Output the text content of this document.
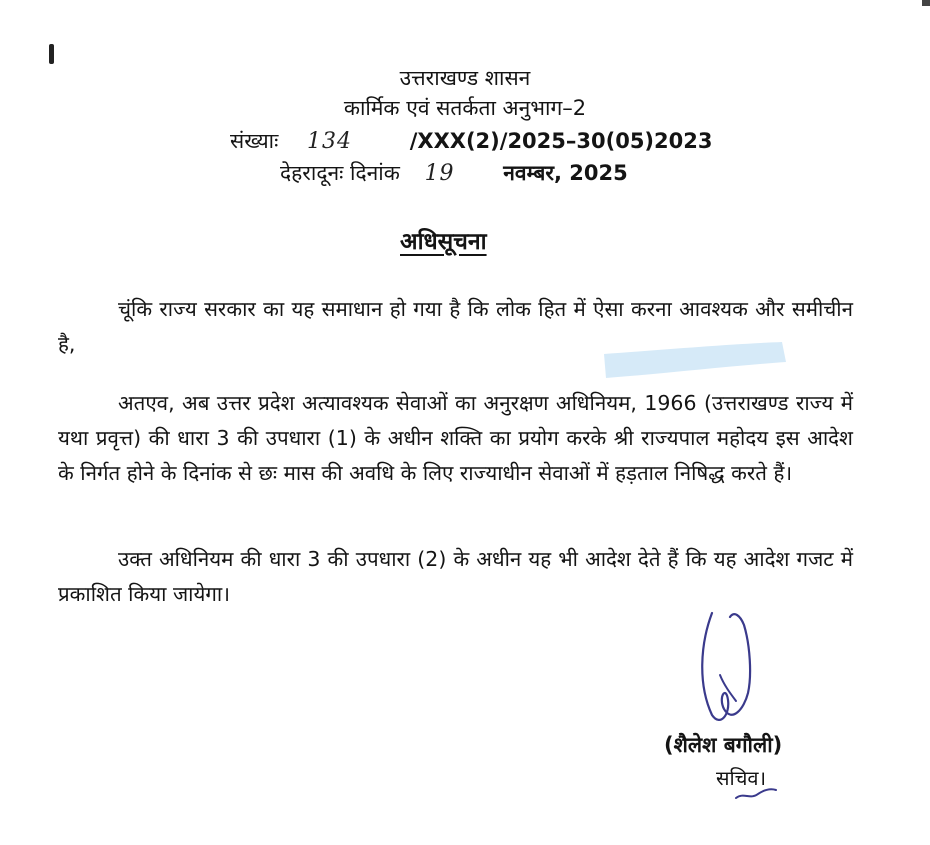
उत्तराखण्ड शासन
कार्मिक एवं सतर्कता अनुभाग–2
संख्याः 134	/XXX(2)/2025–30(05)2023
देहरादूनः दिनांक 19 नवम्बर, 2025
अधिसूचना
चूंकि राज्य सरकार का यह समाधान हो गया है कि लोक हित में ऐसा करना आवश्यक और समीचीन है,
अतएव, अब उत्तर प्रदेश अत्यावश्यक सेवाओं का अनुरक्षण अधिनियम, 1966 (उत्तराखण्ड राज्य में यथा प्रवृत्त) की धारा 3 की उपधारा (1) के अधीन शक्ति का प्रयोग करके श्री राज्यपाल महोदय इस आदेश के निर्गत होने के दिनांक से छः मास की अवधि के लिए राज्याधीन सेवाओं में हड़ताल निषिद्ध करते हैं।
उक्त अधिनियम की धारा 3 की उपधारा (2) के अधीन यह भी आदेश देते हैं कि यह आदेश गजट में प्रकाशित किया जायेगा।
(शैलेश बगौली)
सचिव।
